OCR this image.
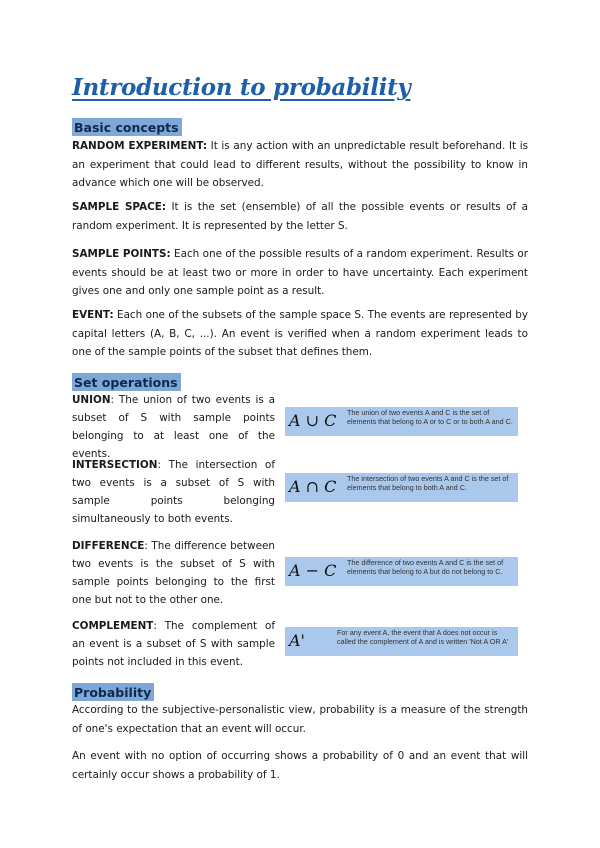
Introduction to probability
Basic concepts

RANDOM EXPERIMENT: It is any action with an unpredictable result beforehand. It is an experiment that could lead to different results, without the possibility to know in advance which one will be observed.

SAMPLE SPACE: It is the set (ensemble) of all the possible events or results of a random experiment. It is represented by the letter S.

SAMPLE POINTS: Each one of the possible results of a random experiment. Results or events should be at least two or more in order to have uncertainty. Each experiment gives one and only one sample point as a result.

EVENT: Each one of the subsets of the sample space S. The events are represented by capital letters (A, B, C, ...). An event is verified when a random experiment leads to one of the sample points of the subset that defines them.

Set operations

UNION: The union of two events is a subset of S with sample points belonging to at least one of the events.

A ∪ C The union of two events A and C is the set of elements that belong to A or to C or to both A and C.

INTERSECTION: The intersection of two events is a subset of S with sample points belonging simultaneously to both events.

A ∩ C The intersection of two events A and C is the set of elements that belong to both A and C.

DIFFERENCE: The difference between two events is the subset of S with sample points belonging to the first one but not to the other one.

A − C The difference of two events A and C is the set of elements that belong to A but do not belong to C.

COMPLEMENT: The complement of an event is a subset of S with sample points not included in this event.

A'	For any event A, the event that A does not occur is called the complement of A and is written 'Not A OR A'
Probability

According to the subjective-personalistic view, probability is a measure of the strength of one's expectation that an event will occur.

An event with no option of occurring shows a probability of 0 and an event that will certainly occur shows a probability of 1.
